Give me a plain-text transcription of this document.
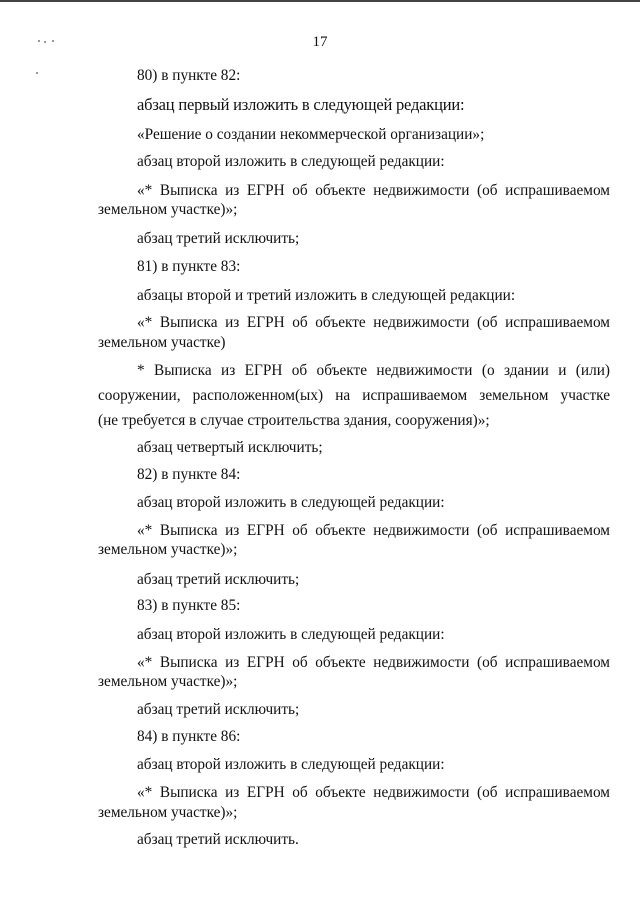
17
80) в пункте 82:
абзац первый изложить в следующей редакции:
«Решение о создании некоммерческой организации»;
абзац второй изложить в следующей редакции:
«* Выписка из ЕГРН об объекте недвижимости (об испрашиваемом
земельном участке)»;
абзац третий исключить;
81) в пункте 83:
абзацы второй и третий изложить в следующей редакции:
«* Выписка из ЕГРН об объекте недвижимости (об испрашиваемом
земельном участке)
* Выписка из ЕГРН об объекте недвижимости (о здании и (или)
сооружении, расположенном(ых) на испрашиваемом земельном участке
(не требуется в случае строительства здания, сооружения)»;
абзац четвертый исключить;
82) в пункте 84:
абзац второй изложить в следующей редакции:
«* Выписка из ЕГРН об объекте недвижимости (об испрашиваемом
земельном участке)»;
абзац третий исключить;
83) в пункте 85:
абзац второй изложить в следующей редакции:
«* Выписка из ЕГРН об объекте недвижимости (об испрашиваемом
земельном участке)»;
абзац третий исключить;
84) в пункте 86:
абзац второй изложить в следующей редакции:
«* Выписка из ЕГРН об объекте недвижимости (об испрашиваемом
земельном участке)»;
абзац третий исключить.
